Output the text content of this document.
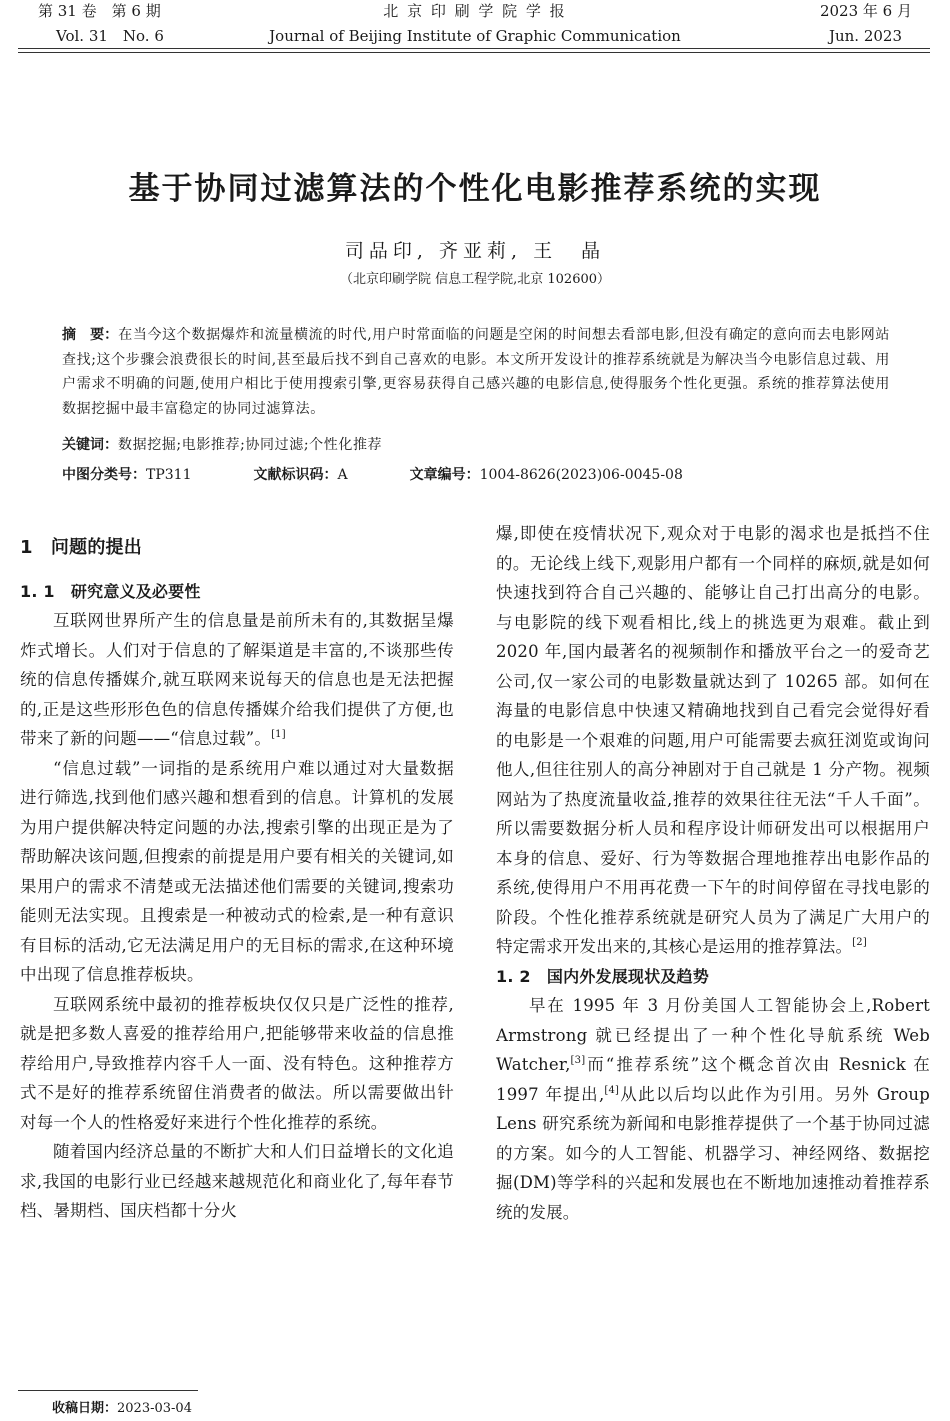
第 31 卷　第 6 期	北 京 印 刷 学 院 学 报	2023 年 6 月
Vol. 31　No. 6	Journal of Beijing Institute of Graphic Communication	Jun. 2023
基于协同过滤算法的个性化电影推荐系统的实现
司品印, 齐亚莉, 王　晶
（北京印刷学院 信息工程学院,北京 102600）
摘　要：在当今这个数据爆炸和流量横流的时代,用户时常面临的问题是空闲的时间想去看部电影,但没有确定的意向而去电影网站查找;这个步骤会浪费很长的时间,甚至最后找不到自己喜欢的电影。本文所开发设计的推荐系统就是为解决当今电影信息过载、用户需求不明确的问题,使用户相比于使用搜索引擎,更容易获得自己感兴趣的电影信息,使得服务个性化更强。系统的推荐算法使用数据挖掘中最丰富稳定的协同过滤算法。
关键词：数据挖掘;电影推荐;协同过滤;个性化推荐
中图分类号：TP311	文献标识码：A	文章编号：1004-8626(2023)06-0045-08
1　问题的提出
1. 1　研究意义及必要性

互联网世界所产生的信息量是前所未有的,其数据呈爆炸式增长。人们对于信息的了解渠道是丰富的,不谈那些传统的信息传播媒介,就互联网来说每天的信息也是无法把握的,正是这些形形色色的信息传播媒介给我们提供了方便,也带来了新的问题——“信息过载”。[1]

“信息过载”一词指的是系统用户难以通过对大量数据进行筛选,找到他们感兴趣和想看到的信息。计算机的发展为用户提供解决特定问题的办法,搜索引擎的出现正是为了帮助解决该问题,但搜索的前提是用户要有相关的关键词,如果用户的需求不清楚或无法描述他们需要的关键词,搜索功能则无法实现。且搜索是一种被动式的检索,是一种有意识有目标的活动,它无法满足用户的无目标的需求,在这种环境中出现了信息推荐板块。

互联网系统中最初的推荐板块仅仅只是广泛性的推荐,就是把多数人喜爱的推荐给用户,把能够带来收益的信息推荐给用户,导致推荐内容千人一面、没有特色。这种推荐方式不是好的推荐系统留住消费者的做法。所以需要做出针对每一个人的性格爱好来进行个性化推荐的系统。

随着国内经济总量的不断扩大和人们日益增长的文化追求,我国的电影行业已经越来越规范化和商业化了,每年春节档、暑期档、国庆档都十分火

爆,即使在疫情状况下,观众对于电影的渴求也是抵挡不住的。无论线上线下,观影用户都有一个同样的麻烦,就是如何快速找到符合自己兴趣的、能够让自己打出高分的电影。与电影院的线下观看相比,线上的挑选更为艰难。截止到 2020 年,国内最著名的视频制作和播放平台之一的爱奇艺公司,仅一家公司的电影数量就达到了 10265 部。如何在海量的电影信息中快速又精确地找到自己看完会觉得好看的电影是一个艰难的问题,用户可能需要去疯狂浏览或询问他人,但往往别人的高分神剧对于自己就是 1 分产物。视频网站为了热度流量收益,推荐的效果往往无法“千人千面”。所以需要数据分析人员和程序设计师研发出可以根据用户本身的信息、爱好、行为等数据合理地推荐出电影作品的系统,使得用户不用再花费一下午的时间停留在寻找电影的阶段。个性化推荐系统就是研究人员为了满足广大用户的特定需求开发出来的,其核心是运用的推荐算法。[2]

1. 2　国内外发展现状及趋势

早在 1995 年 3 月份美国人工智能协会上,Robert Armstrong 就已经提出了一种个性化导航系统 Web Watcher,[3]而“推荐系统”这个概念首次由 Resnick 在 1997 年提出,[4]从此以后均以此作为引用。另外 Group Lens 研究系统为新闻和电影推荐提供了一个基于协同过滤的方案。如今的人工智能、机器学习、神经网络、数据挖掘(DM)等学科的兴起和发展也在不断地加速推动着推荐系统的发展。

收稿日期：2023-03-04
